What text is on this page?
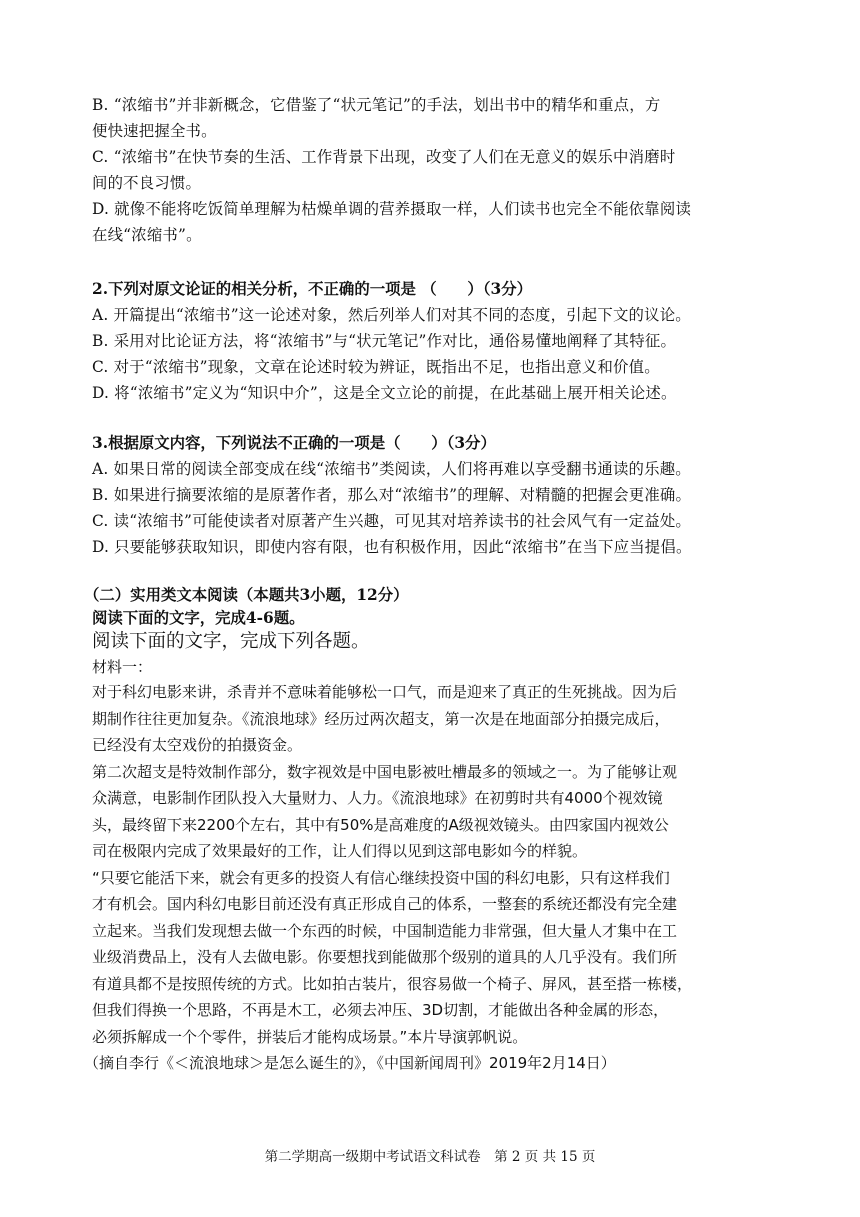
B. “浓缩书”并非新概念，它借鉴了“状元笔记”的手法，划出书中的精华和重点，方

便快速把握全书。

C. “浓缩书”在快节奏的生活、工作背景下出现，改变了人们在无意义的娱乐中消磨时

间的不良习惯。

D. 就像不能将吃饭简单理解为枯燥单调的营养摄取一样，人们读书也完全不能依靠阅读

在线“浓缩书”。

2.下列对原文论证的相关分析，不正确的一项是 （　　）（3分）

A. 开篇提出“浓缩书”这一论述对象，然后列举人们对其不同的态度，引起下文的议论。

B. 采用对比论证方法，将“浓缩书”与“状元笔记”作对比，通俗易懂地阐释了其特征。

C. 对于“浓缩书”现象，文章在论述时较为辨证，既指出不足，也指出意义和价值。

D. 将“浓缩书”定义为“知识中介”，这是全文立论的前提，在此基础上展开相关论述。

3.根据原文内容，下列说法不正确的一项是（　　）（3分）

A. 如果日常的阅读全部变成在线“浓缩书”类阅读，人们将再难以享受翻书通读的乐趣。

B. 如果进行摘要浓缩的是原著作者，那么对“浓缩书”的理解、对精髓的把握会更准确。

C. 读“浓缩书”可能使读者对原著产生兴趣，可见其对培养读书的社会风气有一定益处。

D. 只要能够获取知识，即使内容有限，也有积极作用，因此“浓缩书”在当下应当提倡。

（二）实用类文本阅读（本题共3小题，12分）

阅读下面的文字，完成4-6题。

阅读下面的文字，完成下列各题。

材料一：

对于科幻电影来讲，杀青并不意味着能够松一口气，而是迎来了真正的生死挑战。因为后

期制作往往更加复杂。《流浪地球》经历过两次超支，第一次是在地面部分拍摄完成后，

已经没有太空戏份的拍摄资金。

第二次超支是特效制作部分，数字视效是中国电影被吐槽最多的领域之一。为了能够让观

众满意，电影制作团队投入大量财力、人力。《流浪地球》在初剪时共有4000个视效镜

头，最终留下来2200个左右，其中有50%是高难度的A级视效镜头。由四家国内视效公

司在极限内完成了效果最好的工作，让人们得以见到这部电影如今的样貌。

“只要它能活下来，就会有更多的投资人有信心继续投资中国的科幻电影，只有这样我们

才有机会。国内科幻电影目前还没有真正形成自己的体系，一整套的系统还都没有完全建

立起来。当我们发现想去做一个东西的时候，中国制造能力非常强，但大量人才集中在工

业级消费品上，没有人去做电影。你要想找到能做那个级别的道具的人几乎没有。我们所

有道具都不是按照传统的方式。比如拍古装片，很容易做一个椅子、屏风，甚至搭一栋楼，

但我们得换一个思路，不再是木工，必须去冲压、3D切割，才能做出各种金属的形态，

必须拆解成一个个零件，拼装后才能构成场景。”本片导演郭帆说。

（摘自李行《＜流浪地球＞是怎么诞生的》，《中国新闻周刊》2019年2月14日）

第二学期高一级期中考试语文科试卷　第 2 页 共 15 页
